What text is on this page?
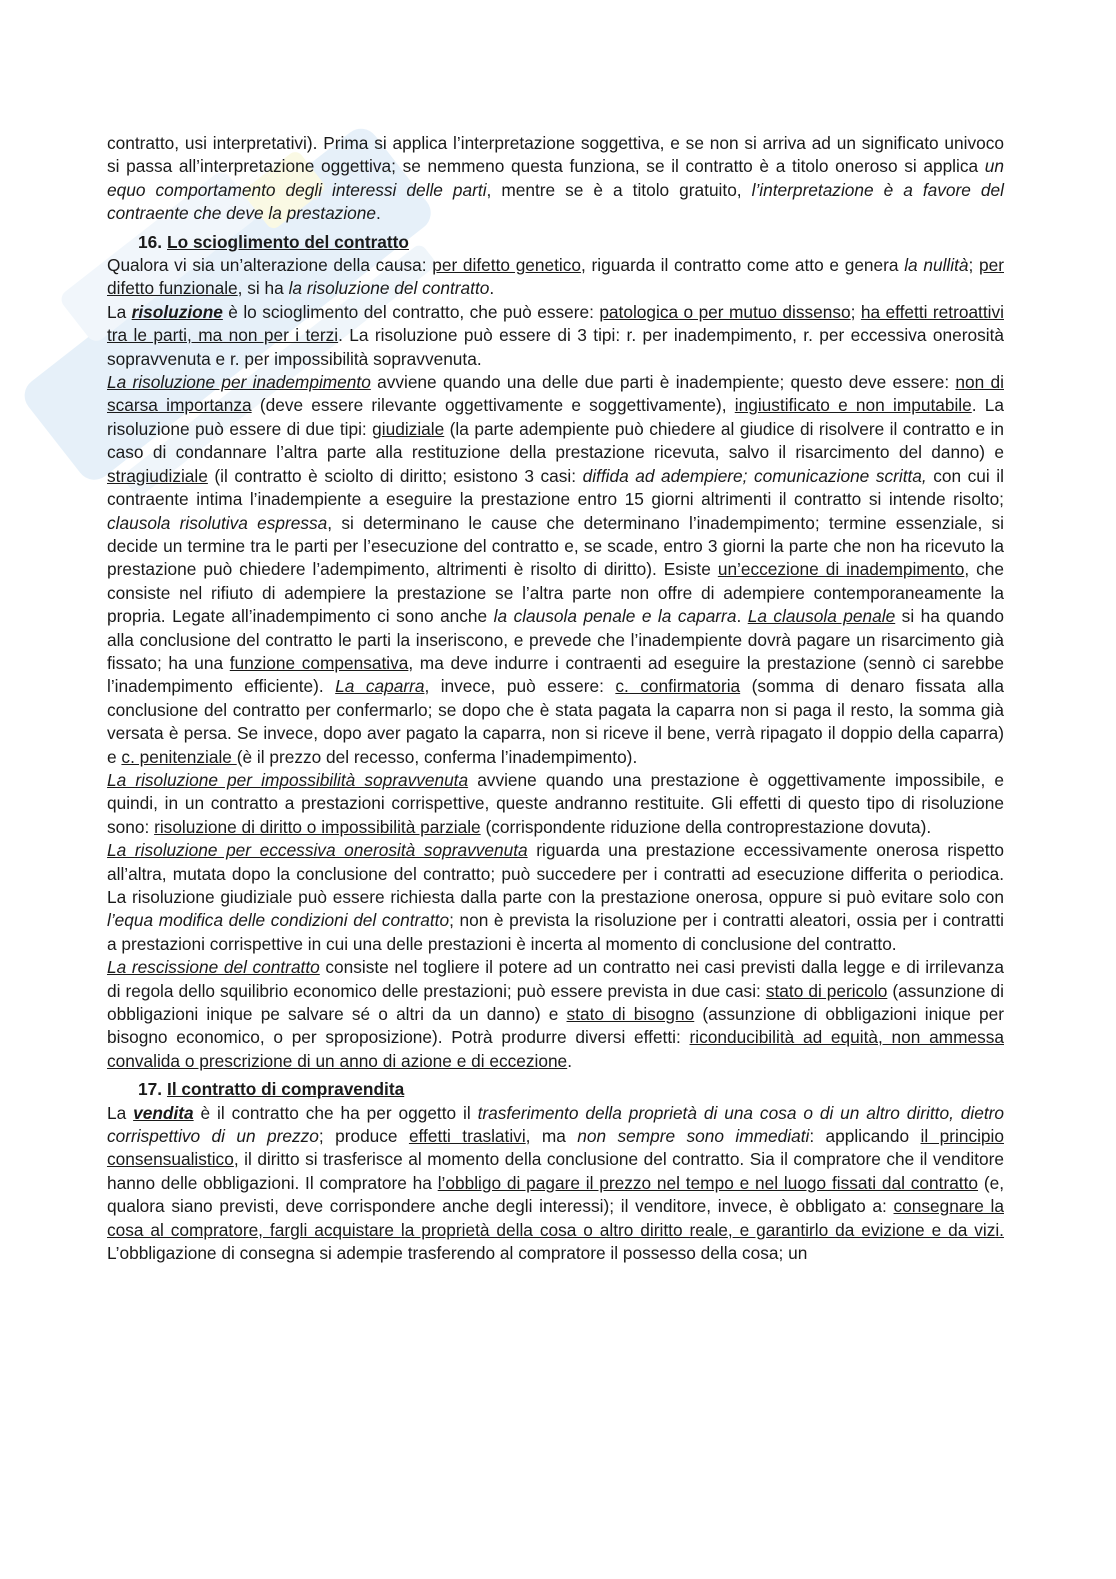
contratto, usi interpretativi). Prima si applica l’interpretazione soggettiva, e se non si arriva ad un significato univoco si passa all’interpretazione oggettiva; se nemmeno questa funziona, se il contratto è a titolo oneroso si applica un equo comportamento degli interessi delle parti, mentre se è a titolo gratuito, l’interpretazione è a favore del contraente che deve la prestazione.

16. Lo scioglimento del contratto

Qualora vi sia un’alterazione della causa: per difetto genetico, riguarda il contratto come atto e genera la nullità; per difetto funzionale, si ha la risoluzione del contratto.

La risoluzione è lo scioglimento del contratto, che può essere: patologica o per mutuo dissenso; ha effetti retroattivi tra le parti, ma non per i terzi. La risoluzione può essere di 3 tipi: r. per inadempimento, r. per eccessiva onerosità sopravvenuta e r. per impossibilità sopravvenuta.

La risoluzione per inadempimento avviene quando una delle due parti è inadempiente; questo deve essere: non di scarsa importanza (deve essere rilevante oggettivamente e soggettivamente), ingiustificato e non imputabile. La risoluzione può essere di due tipi: giudiziale (la parte adempiente può chiedere al giudice di risolvere il contratto e in caso di condannare l’altra parte alla restituzione della prestazione ricevuta, salvo il risarcimento del danno) e stragiudiziale (il contratto è sciolto di diritto; esistono 3 casi: diffida ad adempiere; comunicazione scritta, con cui il contraente intima l’inadempiente a eseguire la prestazione entro 15 giorni altrimenti il contratto si intende risolto; clausola risolutiva espressa, si determinano le cause che determinano l’inadempimento; termine essenziale, si decide un termine tra le parti per l’esecuzione del contratto e, se scade, entro 3 giorni la parte che non ha ricevuto la prestazione può chiedere l’adempimento, altrimenti è risolto di diritto). Esiste un’eccezione di inadempimento, che consiste nel rifiuto di adempiere la prestazione se l’altra parte non offre di adempiere contemporaneamente la propria. Legate all’inadempimento ci sono anche la clausola penale e la caparra. La clausola penale si ha quando alla conclusione del contratto le parti la inseriscono, e prevede che l’inadempiente dovrà pagare un risarcimento già fissato; ha una funzione compensativa, ma deve indurre i contraenti ad eseguire la prestazione (sennò ci sarebbe l’inadempimento efficiente). La caparra, invece, può essere: c. confirmatoria (somma di denaro fissata alla conclusione del contratto per confermarlo; se dopo che è stata pagata la caparra non si paga il resto, la somma già versata è persa. Se invece, dopo aver pagato la caparra, non si riceve il bene, verrà ripagato il doppio della caparra) e c. penitenziale (è il prezzo del recesso, conferma l’inadempimento).

La risoluzione per impossibilità sopravvenuta avviene quando una prestazione è oggettivamente impossibile, e quindi, in un contratto a prestazioni corrispettive, queste andranno restituite. Gli effetti di questo tipo di risoluzione sono: risoluzione di diritto o impossibilità parziale (corrispondente riduzione della controprestazione dovuta).

La risoluzione per eccessiva onerosità sopravvenuta riguarda una prestazione eccessivamente onerosa rispetto all’altra, mutata dopo la conclusione del contratto; può succedere per i contratti ad esecuzione differita o periodica. La risoluzione giudiziale può essere richiesta dalla parte con la prestazione onerosa, oppure si può evitare solo con l’equa modifica delle condizioni del contratto; non è prevista la risoluzione per i contratti aleatori, ossia per i contratti a prestazioni corrispettive in cui una delle prestazioni è incerta al momento di conclusione del contratto.

La rescissione del contratto consiste nel togliere il potere ad un contratto nei casi previsti dalla legge e di irrilevanza di regola dello squilibrio economico delle prestazioni; può essere prevista in due casi: stato di pericolo (assunzione di obbligazioni inique pe salvare sé o altri da un danno) e stato di bisogno (assunzione di obbligazioni inique per bisogno economico, o per sproposizione). Potrà produrre diversi effetti: riconducibilità ad equità, non ammessa convalida o prescrizione di un anno di azione e di eccezione.

17. Il contratto di compravendita

La vendita è il contratto che ha per oggetto il trasferimento della proprietà di una cosa o di un altro diritto, dietro corrispettivo di un prezzo; produce effetti traslativi, ma non sempre sono immediati: applicando il principio consensualistico, il diritto si trasferisce al momento della conclusione del contratto. Sia il compratore che il venditore hanno delle obbligazioni. Il compratore ha l’obbligo di pagare il prezzo nel tempo e nel luogo fissati dal contratto (e, qualora siano previsti, deve corrispondere anche degli interessi); il venditore, invece, è obbligato a: consegnare la cosa al compratore, fargli acquistare la proprietà della cosa o altro diritto reale, e garantirlo da evizione e da vizi. L’obbligazione di consegna si adempie trasferendo al compratore il possesso della cosa; un
